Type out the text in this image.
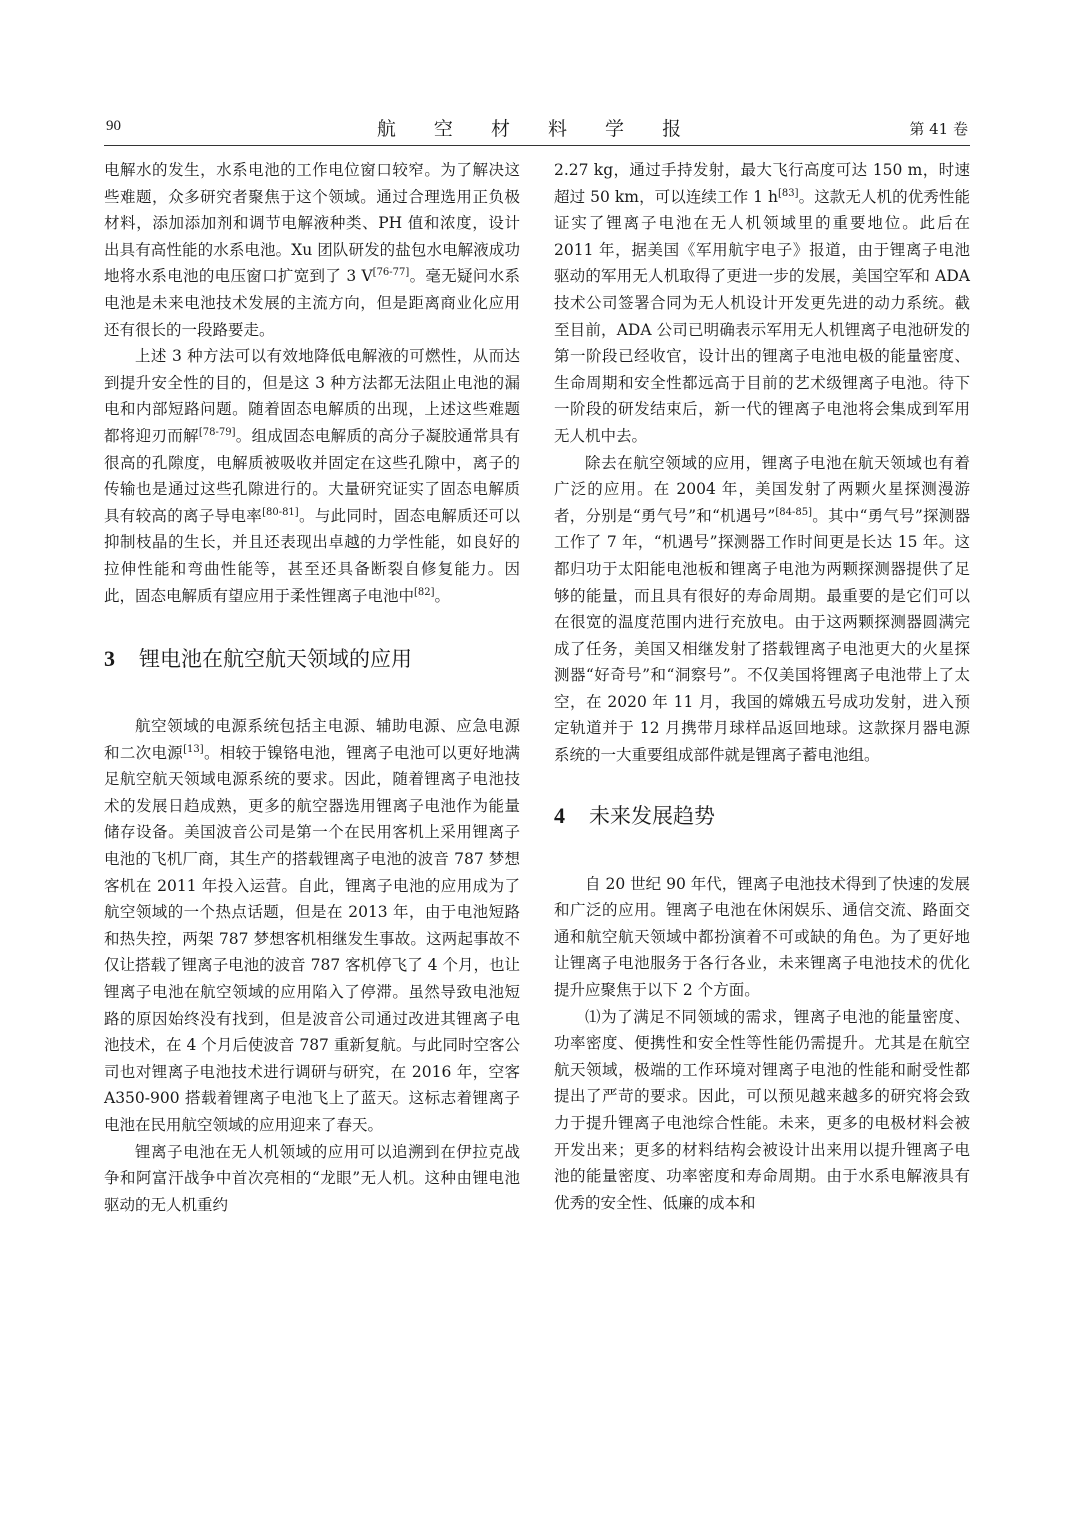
90	航 空 材 料 学 报	第 41 卷

电解水的发生，水系电池的工作电位窗口较窄。为了解决这些难题，众多研究者聚焦于这个领域。通过合理选用正负极材料，添加添加剂和调节电解液种类、PH 值和浓度，设计出具有高性能的水系电池。Xu 团队研发的盐包水电解液成功地将水系电池的电压窗口扩宽到了 3 V[76-77]。毫无疑问水系电池是未来电池技术发展的主流方向，但是距离商业化应用还有很长的一段路要走。

上述 3 种方法可以有效地降低电解液的可燃性，从而达到提升安全性的目的，但是这 3 种方法都无法阻止电池的漏电和内部短路问题。随着固态电解质的出现，上述这些难题都将迎刃而解[78-79]。组成固态电解质的高分子凝胶通常具有很高的孔隙度，电解质被吸收并固定在这些孔隙中，离子的传输也是通过这些孔隙进行的。大量研究证实了固态电解质具有较高的离子导电率[80-81]。与此同时，固态电解质还可以抑制枝晶的生长，并且还表现出卓越的力学性能，如良好的拉伸性能和弯曲性能等，甚至还具备断裂自修复能力。因此，固态电解质有望应用于柔性锂离子电池中[82]。

3 锂电池在航空航天领域的应用

航空领域的电源系统包括主电源、辅助电源、应急电源和二次电源[13]。相较于镍铬电池，锂离子电池可以更好地满足航空航天领域电源系统的要求。因此，随着锂离子电池技术的发展日趋成熟，更多的航空器选用锂离子电池作为能量储存设备。美国波音公司是第一个在民用客机上采用锂离子电池的飞机厂商，其生产的搭载锂离子电池的波音 787 梦想客机在 2011 年投入运营。自此，锂离子电池的应用成为了航空领域的一个热点话题，但是在 2013 年，由于电池短路和热失控，两架 787 梦想客机相继发生事故。这两起事故不仅让搭载了锂离子电池的波音 787 客机停飞了 4 个月，也让锂离子电池在航空领域的应用陷入了停滞。虽然导致电池短路的原因始终没有找到，但是波音公司通过改进其锂离子电池技术，在 4 个月后使波音 787 重新复航。与此同时空客公司也对锂离子电池技术进行调研与研究，在 2016 年，空客 A350-900 搭载着锂离子电池飞上了蓝天。这标志着锂离子电池在民用航空领域的应用迎来了春天。

锂离子电池在无人机领域的应用可以追溯到在伊拉克战争和阿富汗战争中首次亮相的“龙眼”无人机。这种由锂电池驱动的无人机重约

2.27 kg，通过手持发射，最大飞行高度可达 150 m，时速超过 50 km，可以连续工作 1 h[83]。这款无人机的优秀性能证实了锂离子电池在无人机领域里的重要地位。此后在 2011 年，据美国《军用航宇电子》报道，由于锂离子电池驱动的军用无人机取得了更进一步的发展，美国空军和 ADA 技术公司签署合同为无人机设计开发更先进的动力系统。截至目前，ADA 公司已明确表示军用无人机锂离子电池研发的第一阶段已经收官，设计出的锂离子电池电极的能量密度、生命周期和安全性都远高于目前的艺术级锂离子电池。待下一阶段的研发结束后，新一代的锂离子电池将会集成到军用无人机中去。

除去在航空领域的应用，锂离子电池在航天领域也有着广泛的应用。在 2004 年，美国发射了两颗火星探测漫游者，分别是“勇气号”和“机遇号”[84-85]。其中“勇气号”探测器工作了 7 年，“机遇号”探测器工作时间更是长达 15 年。这都归功于太阳能电池板和锂离子电池为两颗探测器提供了足够的能量，而且具有很好的寿命周期。最重要的是它们可以在很宽的温度范围内进行充放电。由于这两颗探测器圆满完成了任务，美国又相继发射了搭载锂离子电池更大的火星探测器“好奇号”和“洞察号”。不仅美国将锂离子电池带上了太空，在 2020 年 11 月，我国的嫦娥五号成功发射，进入预定轨道并于 12 月携带月球样品返回地球。这款探月器电源系统的一大重要组成部件就是锂离子蓄电池组。

4 未来发展趋势

自 20 世纪 90 年代，锂离子电池技术得到了快速的发展和广泛的应用。锂离子电池在休闲娱乐、通信交流、路面交通和航空航天领域中都扮演着不可或缺的角色。为了更好地让锂离子电池服务于各行各业，未来锂离子电池技术的优化提升应聚焦于以下 2 个方面。

⑴为了满足不同领域的需求，锂离子电池的能量密度、功率密度、便携性和安全性等性能仍需提升。尤其是在航空航天领域，极端的工作环境对锂离子电池的性能和耐受性都提出了严苛的要求。因此，可以预见越来越多的研究将会致力于提升锂离子电池综合性能。未来，更多的电极材料会被开发出来；更多的材料结构会被设计出来用以提升锂离子电池的能量密度、功率密度和寿命周期。由于水系电解液具有优秀的安全性、低廉的成本和
